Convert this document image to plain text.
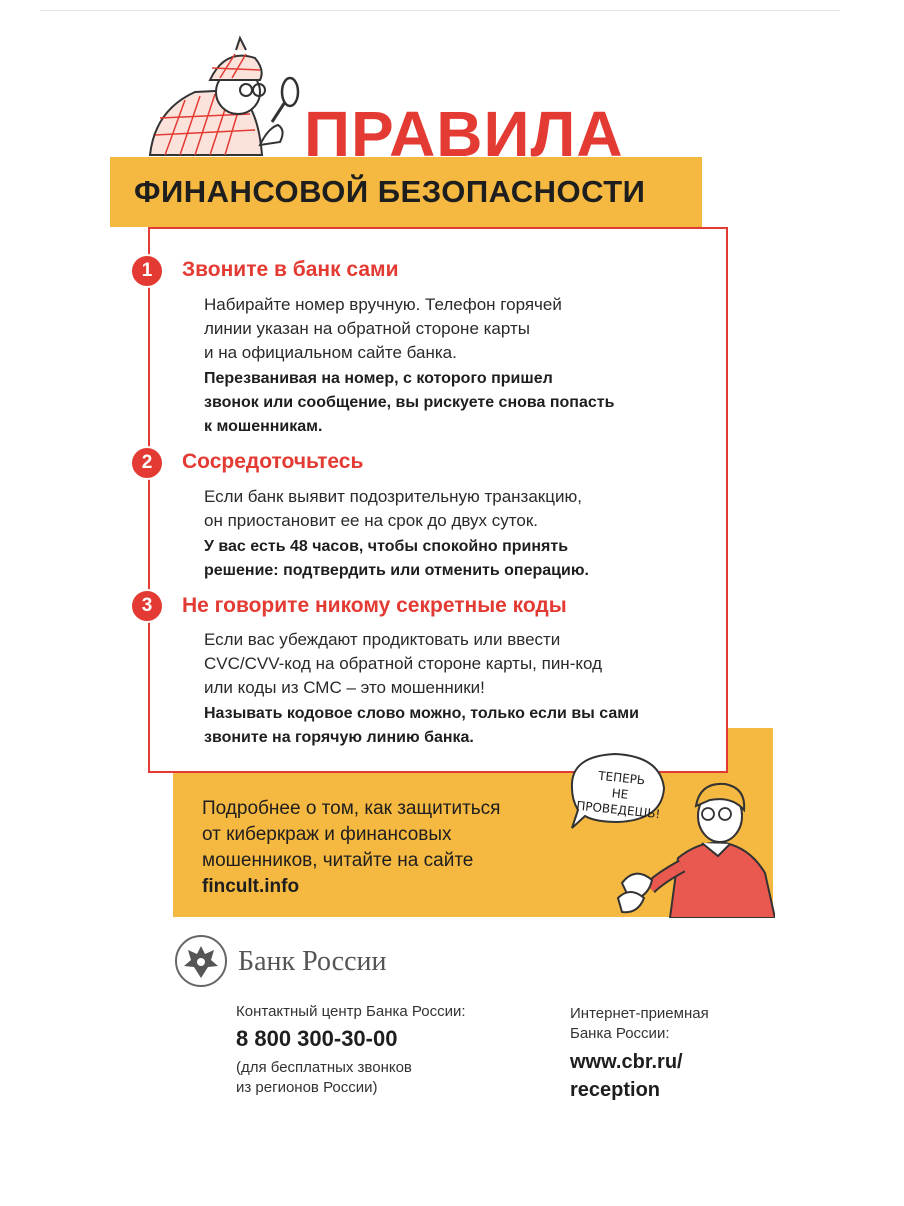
ПРАВИЛА
ФИНАНСОВОЙ БЕЗОПАСНОСТИ
1	Звоните в банк сами
Набирайте номер вручную. Телефон горячей
линии указан на обратной стороне карты
и на официальном сайте банка.
Перезванивая на номер, с которого пришел
звонок или сообщение, вы рискуете снова попасть
к мошенникам.
2	Сосредоточьтесь
Если банк выявит подозрительную транзакцию,
он приостановит ее на срок до двух суток.
У вас есть 48 часов, чтобы спокойно принять
решение: подтвердить или отменить операцию.
3	Не говорите никому секретные коды
Если вас убеждают продиктовать или ввести
CVC/CVV-код на обратной стороне карты, пин-код
или коды из СМС – это мошенники!
Называть кодовое слово можно, только если вы сами
звоните на горячую линию банка.
Подробнее о том, как защититься
от киберкраж и финансовых
мошенников, читайте на сайте
fincult.info
ТЕПЕРЬ
НЕ
ПРОВЕДЕШЬ!
Банк России
Контактный центр Банка России:
8 800 300-30-00
(для бесплатных звонков
из регионов России)
Интернет-приемная
Банка России:
www.cbr.ru/
reception
